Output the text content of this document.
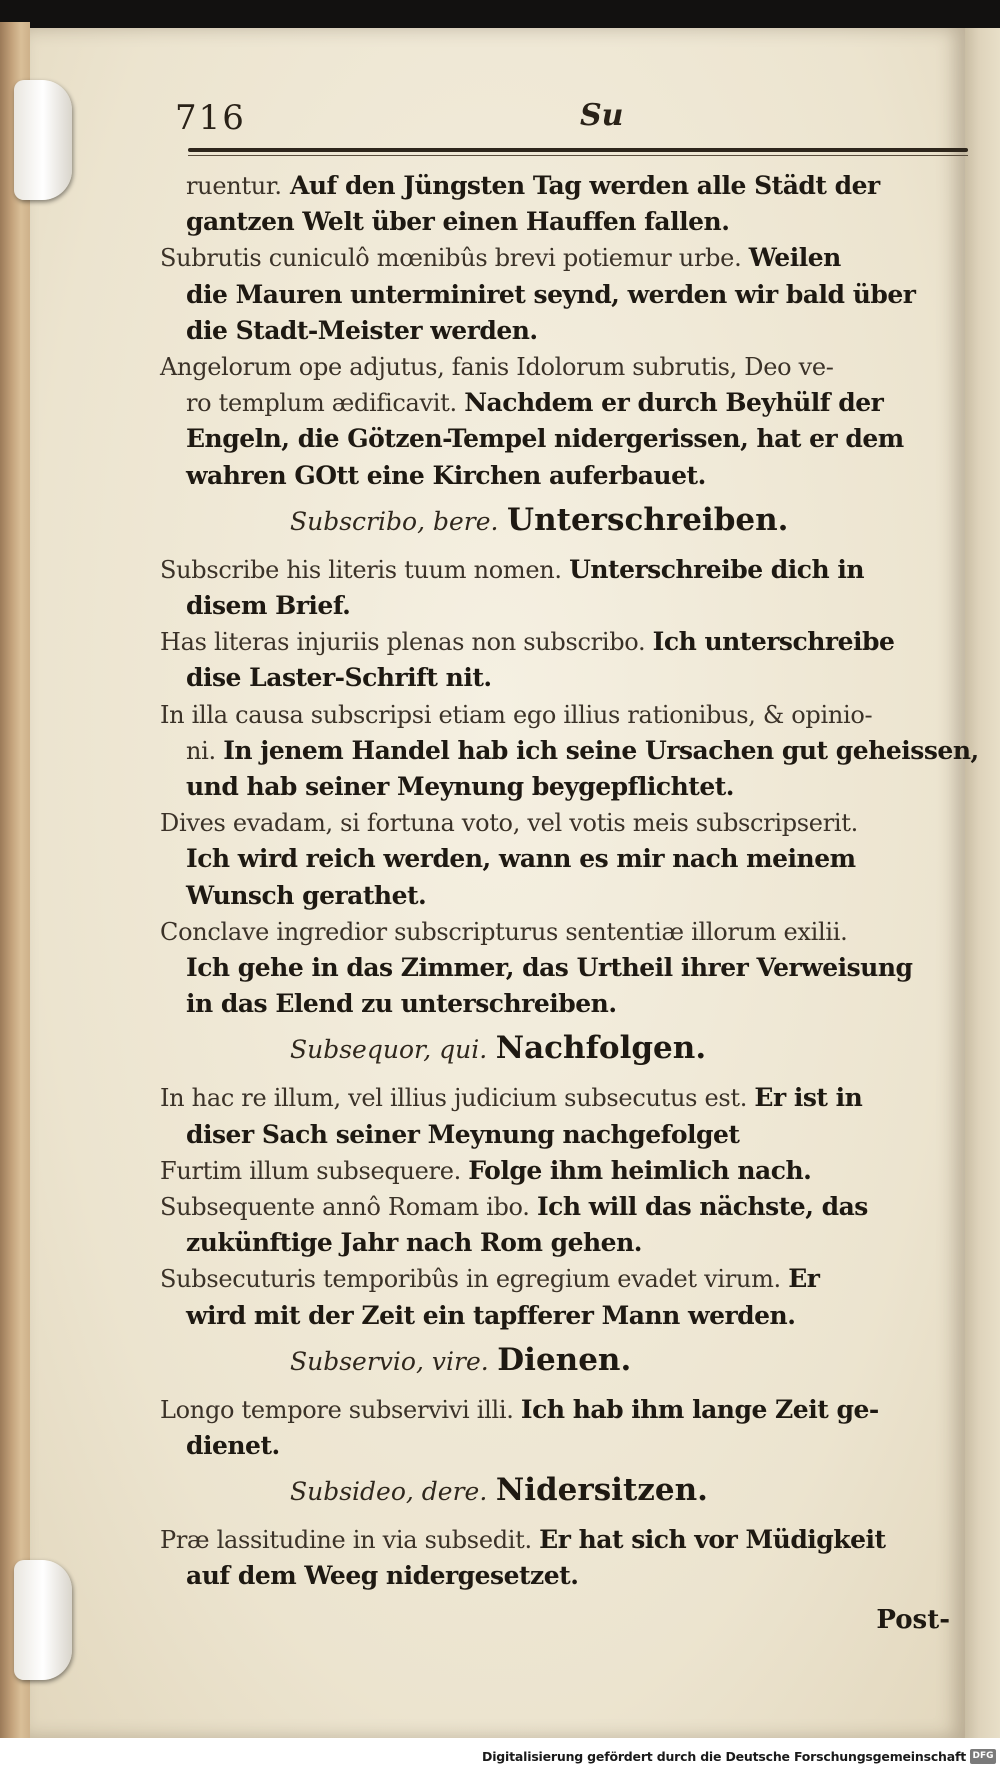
716	Su
ruentur. Auf den Jüngsten Tag werden alle Städt der
gantzen Welt über einen Hauffen fallen.
Subrutis cuniculô mœnibûs brevi potiemur urbe. Weilen
die Mauren unterminiret seynd, werden wir bald über
die Stadt-Meister werden.
Angelorum ope adjutus, fanis Idolorum subrutis, Deo ve-
ro templum ædificavit. Nachdem er durch Beyhülf der
Engeln, die Götzen-Tempel nidergerissen, hat er dem
wahren GOtt eine Kirchen auferbauet.
Subscribo, bere. Unterschreiben.
Subscribe his literis tuum nomen. Unterschreibe dich in
disem Brief.
Has literas injuriis plenas non subscribo. Ich unterschreibe
dise Laster-Schrift nit.
In illa causa subscripsi etiam ego illius rationibus, & opinio-
ni. In jenem Handel hab ich seine Ursachen gut geheissen,
und hab seiner Meynung beygepflichtet.
Dives evadam, si fortuna voto, vel votis meis subscripserit.
Ich wird reich werden, wann es mir nach meinem
Wunsch gerathet.
Conclave ingredior subscripturus sententiæ illorum exilii.
Ich gehe in das Zimmer, das Urtheil ihrer Verweisung
in das Elend zu unterschreiben.
Subsequor, qui. Nachfolgen.
In hac re illum, vel illius judicium subsecutus est. Er ist in
diser Sach seiner Meynung nachgefolget
Furtim illum subsequere. Folge ihm heimlich nach.
Subsequente annô Romam ibo. Ich will das nächste, das
zukünftige Jahr nach Rom gehen.
Subsecuturis temporibûs in egregium evadet virum. Er
wird mit der Zeit ein tapfferer Mann werden.
Subservio, vire. Dienen.
Longo tempore subservivi illi. Ich hab ihm lange Zeit ge-
dienet.
Subsideo, dere. Nidersitzen.
Præ lassitudine in via subsedit. Er hat sich vor Müdigkeit
auf dem Weeg nidergesetzet.
Post-
Digitalisierung gefördert durch die Deutsche Forschungsgemeinschaft DFG
